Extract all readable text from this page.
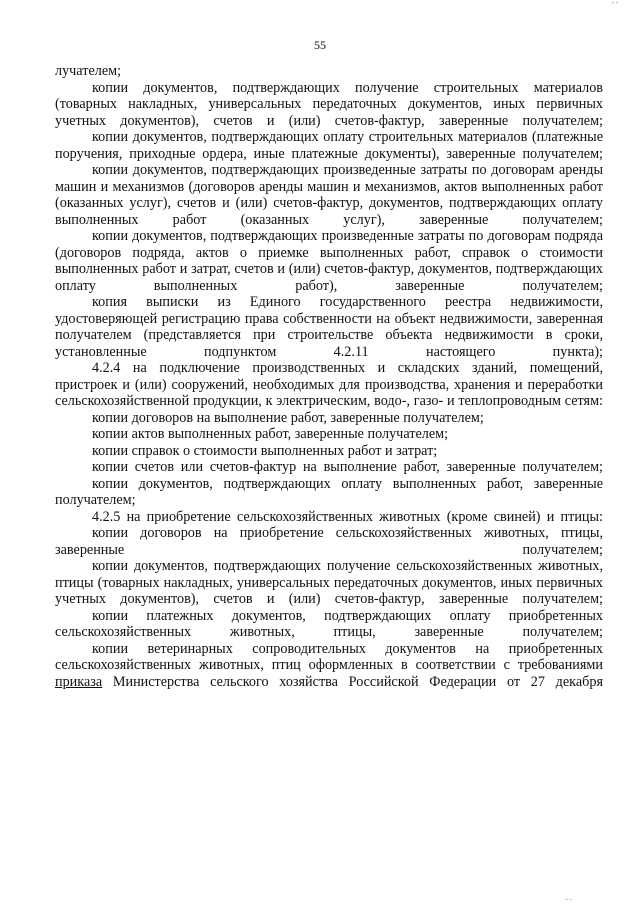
- -
55

лучателем;

копии документов, подтверждающих получение строительных материалов (товарных накладных, универсальных передаточных документов, иных первичных учетных документов), счетов и (или) счетов-фактур, заверенные получателем;

копии документов, подтверждающих оплату строительных материалов (платежные поручения, приходные ордера, иные платежные документы), заверенные получателем;

копии документов, подтверждающих произведенные затраты по договорам аренды машин и механизмов (договоров аренды машин и механизмов, актов выполненных работ (оказанных услуг), счетов и (или) счетов-фактур, документов, подтверждающих оплату выполненных работ (оказанных услуг), заверенные получателем;

копии документов, подтверждающих произведенные затраты по договорам подряда (договоров подряда, актов о приемке выполненных работ, справок о стоимости выполненных работ и затрат, счетов и (или) счетов-фактур, документов, подтверждающих оплату выполненных работ), заверенные получателем;

копия выписки из Единого государственного реестра недвижимости, удостоверяющей регистрацию права собственности на объект недвижимости, заверенная получателем (представляется при строительстве объекта недвижимости в сроки, установленные подпунктом 4.2.11 настоящего пункта);

4.2.4 на подключение производственных и складских зданий, помещений, пристроек и (или) сооружений, необходимых для производства, хранения и переработки сельскохозяйственной продукции, к электрическим, водо-, газо- и теплопроводным сетям:

копии договоров на выполнение работ, заверенные получателем;

копии актов выполненных работ, заверенные получателем;

копии справок о стоимости выполненных работ и затрат;

копии счетов или счетов-фактур на выполнение работ, заверенные получателем;

копии документов, подтверждающих оплату выполненных работ, заверенные получателем;

4.2.5 на приобретение сельскохозяйственных животных (кроме свиней) и птицы:

копии договоров на приобретение сельскохозяйственных животных, птицы, заверенные получателем;

копии документов, подтверждающих получение сельскохозяйственных животных, птицы (товарных накладных, универсальных передаточных документов, иных первичных учетных документов), счетов и (или) счетов-фактур, заверенные получателем;

копии платежных документов, подтверждающих оплату приобретенных сельскохозяйственных животных, птицы, заверенные получателем;

копии ветеринарных сопроводительных документов на приобретенных сельскохозяйственных животных, птиц оформленных в соответствии с требованиями приказа Министерства сельского хозяйства Российской Федерации от 27 декабря

- -
